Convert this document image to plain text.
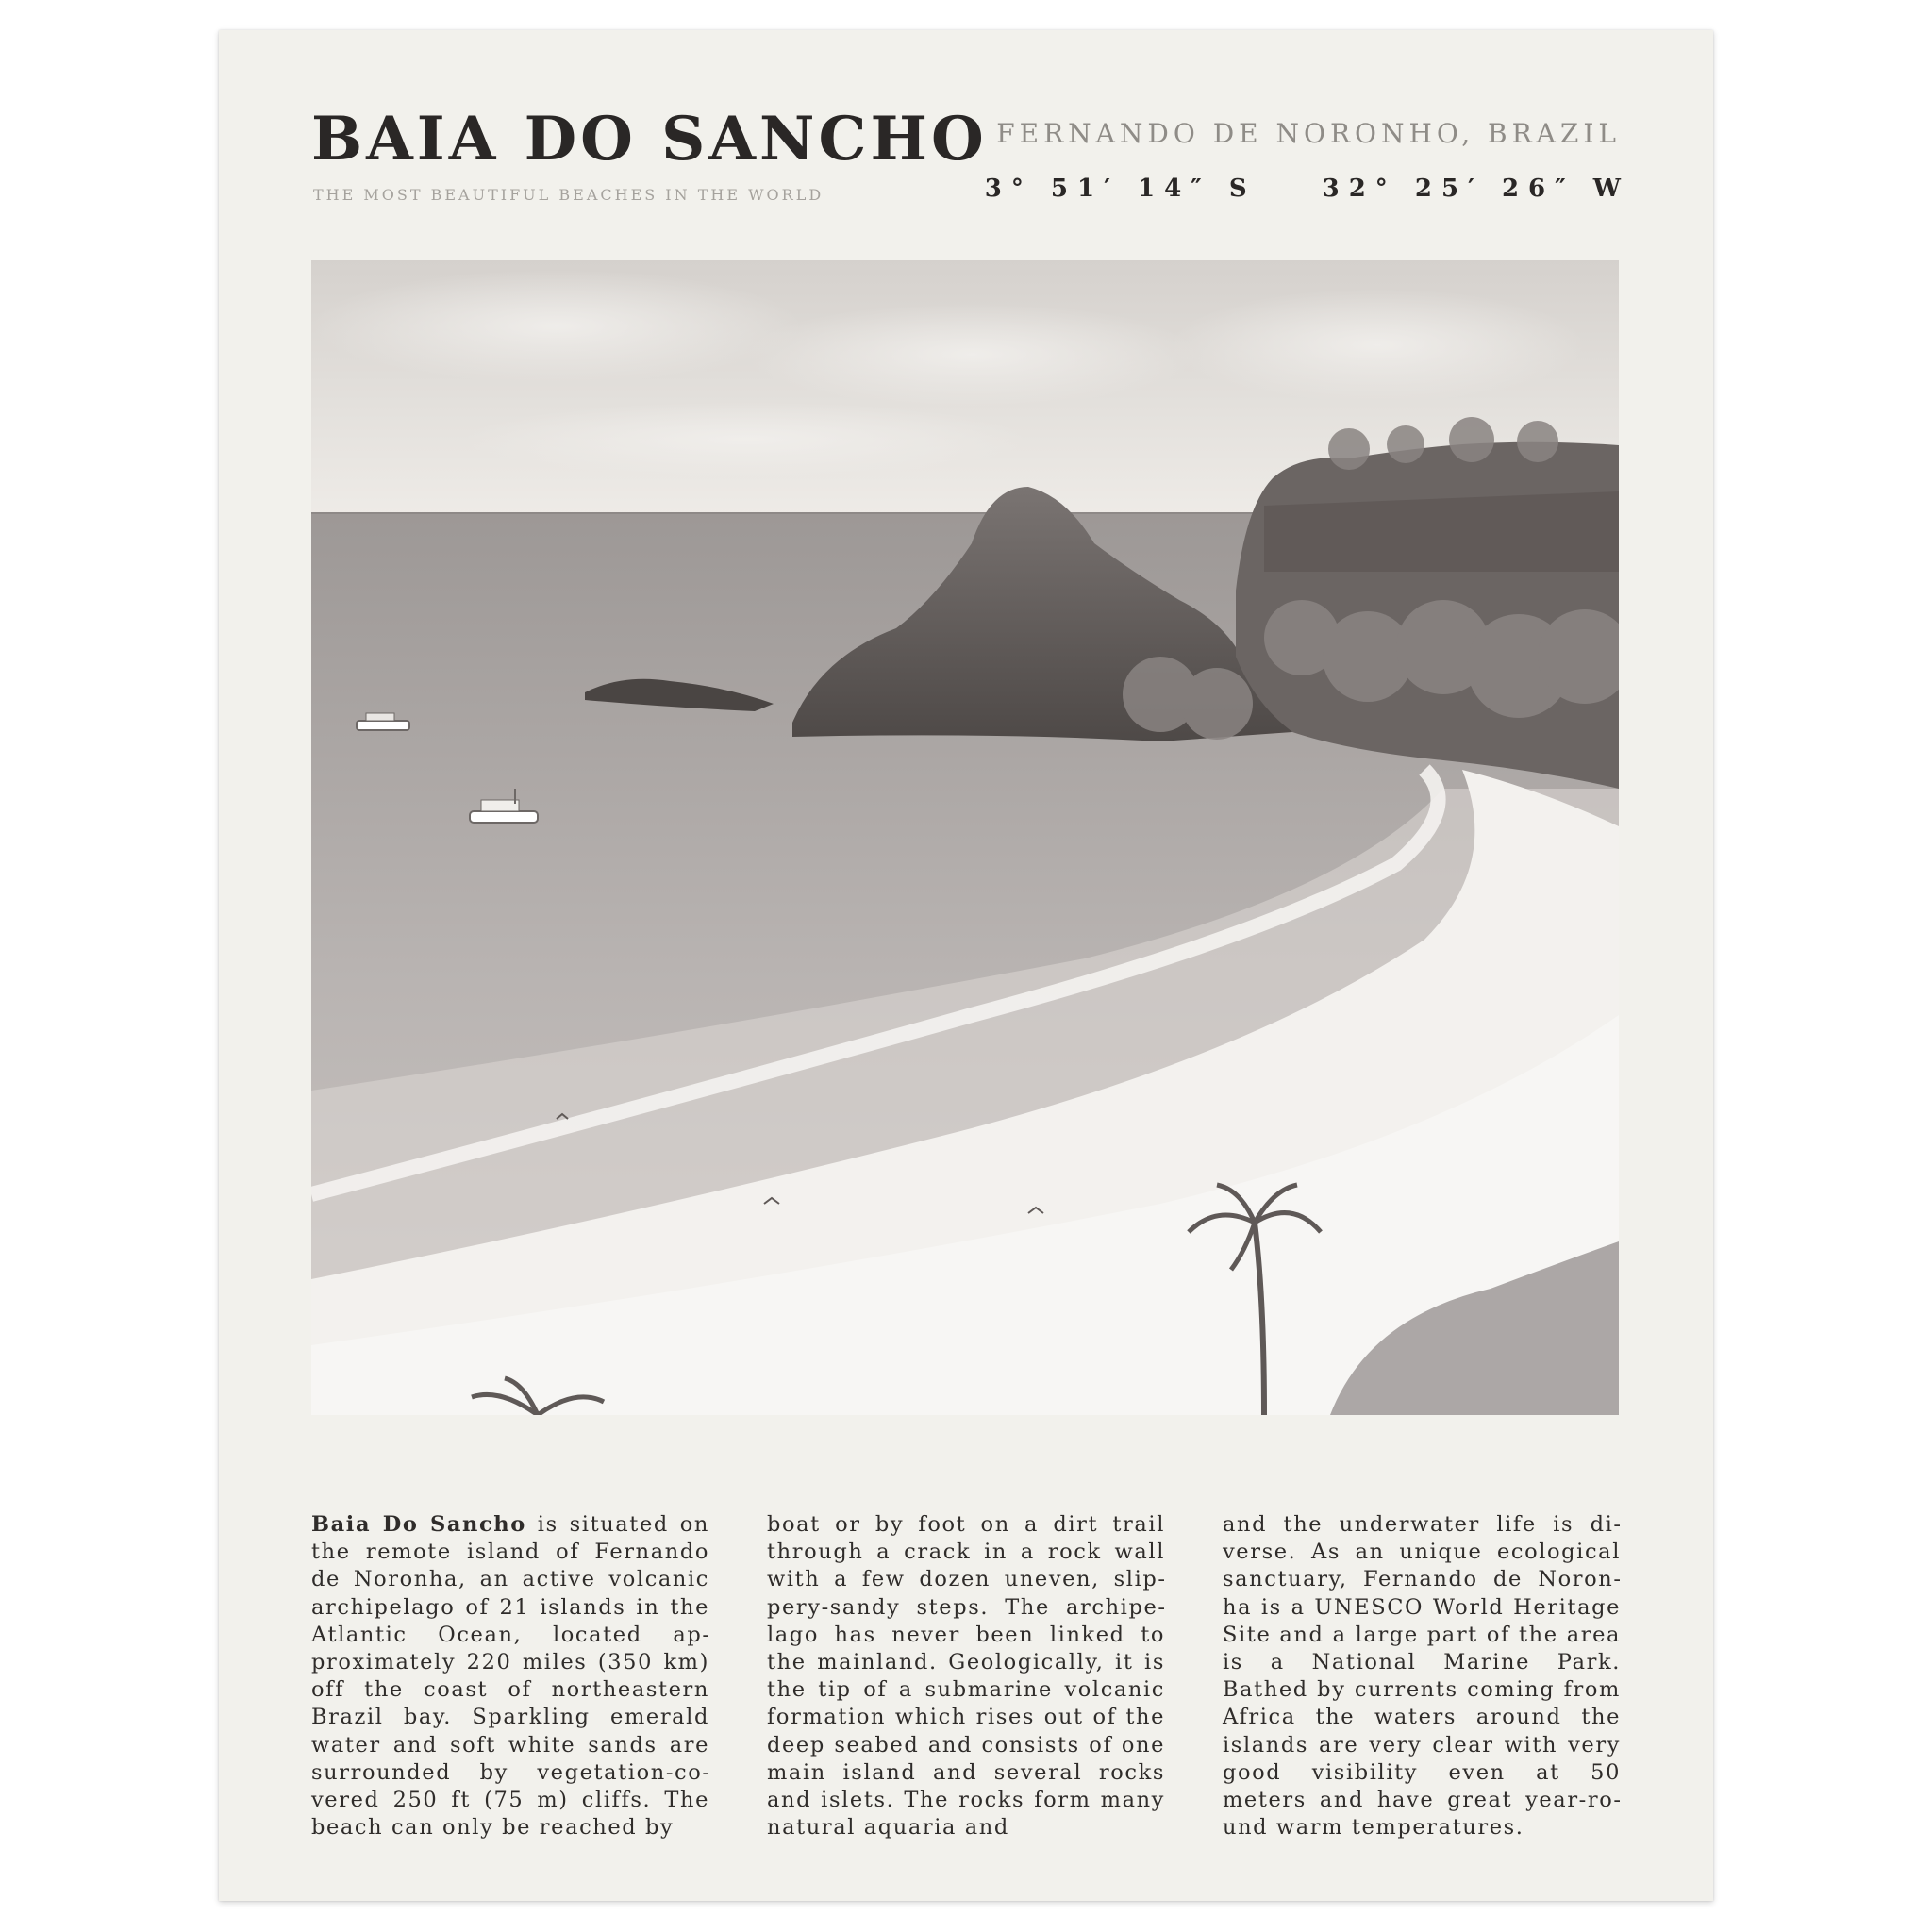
BAIA DO SANCHO
THE MOST BEAUTIFUL BEACHES IN THE WORLD
FERNANDO DE NORONHO, BRAZIL
3° 51′ 14″ S	32° 25′ 26″ W

Baia Do Sancho is situated on the remote island of Fernando de Noronha, an active volcanic archipelago of 21 islands in the Atlantic Ocean, located approximately 220 miles (350 km) off the coast of northeastern Brazil bay. Sparkling emerald water and soft white sands are surrounded by vegetation-covered 250 ft (75 m) cliffs. The beach can only be reached by

boat or by foot on a dirt trail through a crack in a rock wall with a few dozen uneven, slippery-sandy steps. The archipelago has never been linked to the mainland. Geologically, it is the tip of a submarine volcanic formation which rises out of the deep seabed and consists of one main island and several rocks and islets. The rocks form many natural aquaria and

and the underwater life is diverse. As an unique ecological sanctuary, Fernando de Noronha is a UNESCO World Heritage Site and a large part of the area is a National Marine Park. Bathed by currents coming from Africa the waters around the islands are very clear with very good visibility even at 50 meters and have great year-round warm temperatures.
